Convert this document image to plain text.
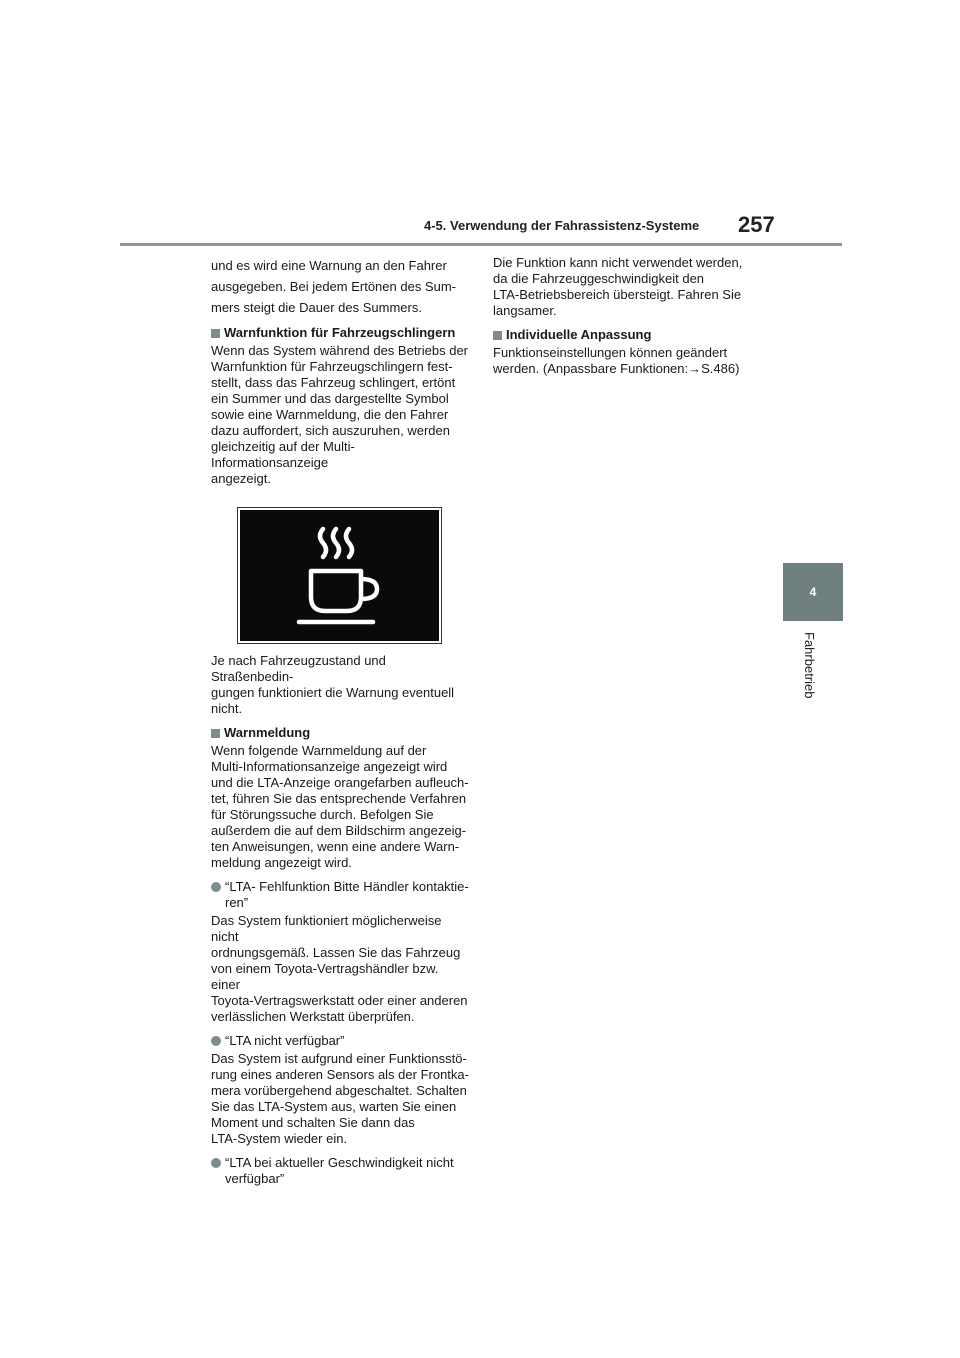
4-5. Verwendung der Fahrassistenz-Systeme 257
4
Fahrbetrieb

und es wird eine Warnung an den Fahrer
ausgegeben. Bei jedem Ertönen des Sum-
mers steigt die Dauer des Summers.

Warnfunktion für Fahrzeugschlingern

Wenn das System während des Betriebs der
Warnfunktion für Fahrzeugschlingern fest-
stellt, dass das Fahrzeug schlingert, ertönt
ein Summer und das dargestellte Symbol
sowie eine Warnmeldung, die den Fahrer
dazu auffordert, sich auszuruhen, werden
gleichzeitig auf der Multi-Informationsanzeige
angezeigt.

Je nach Fahrzeugzustand und Straßenbedin-
gungen funktioniert die Warnung eventuell
nicht.

Warnmeldung

Wenn folgende Warnmeldung auf der
Multi-Informationsanzeige angezeigt wird
und die LTA-Anzeige orangefarben aufleuch-
tet, führen Sie das entsprechende Verfahren
für Störungssuche durch. Befolgen Sie
außerdem die auf dem Bildschirm angezeig-
ten Anweisungen, wenn eine andere Warn-
meldung angezeigt wird.

“LTA- Fehlfunktion Bitte Händler kontaktie-
ren”

Das System funktioniert möglicherweise nicht
ordnungsgemäß. Lassen Sie das Fahrzeug
von einem Toyota-Vertragshändler bzw. einer
Toyota-Vertragswerkstatt oder einer anderen
verlässlichen Werkstatt überprüfen.

“LTA nicht verfügbar”

Das System ist aufgrund einer Funktionsstö-
rung eines anderen Sensors als der Frontka-
mera vorübergehend abgeschaltet. Schalten
Sie das LTA-System aus, warten Sie einen
Moment und schalten Sie dann das
LTA-System wieder ein.

“LTA bei aktueller Geschwindigkeit nicht
verfügbar”

Die Funktion kann nicht verwendet werden,
da die Fahrzeuggeschwindigkeit den
LTA-Betriebsbereich übersteigt. Fahren Sie
langsamer.

Individuelle Anpassung

Funktionseinstellungen können geändert
werden. (Anpassbare Funktionen:→S.486)
